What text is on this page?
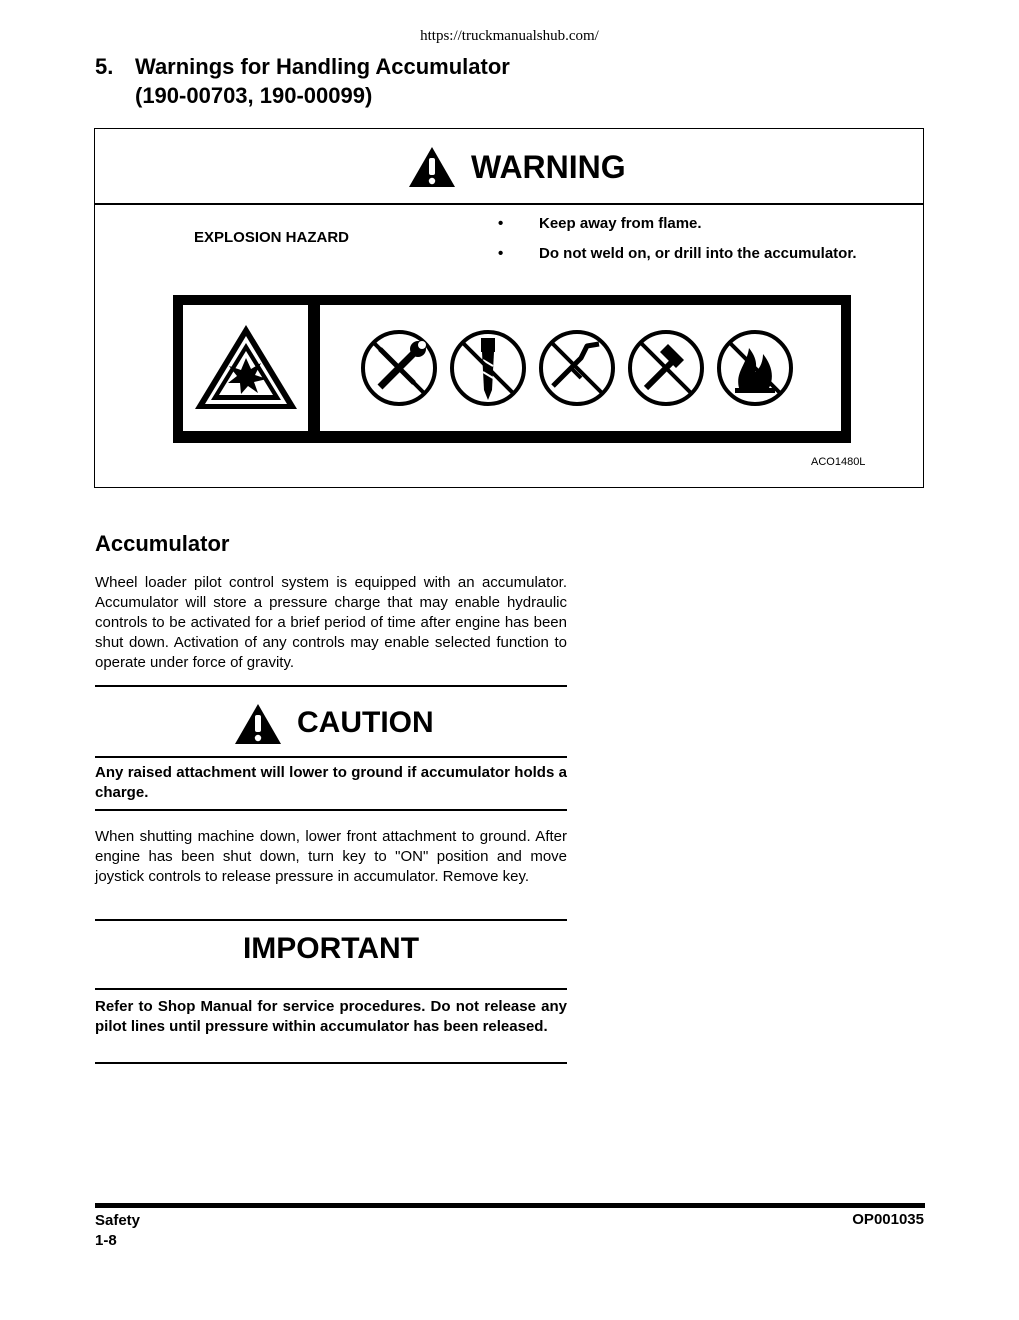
https://truckmanualshub.com/
5. Warnings for Handling Accumulator
(190-00703, 190-00099)
WARNING
EXPLOSION HAZARD
• Keep away from flame.
• Do not weld on, or drill into the accumulator.
ACO1480L
Accumulator
Wheel loader pilot control system is equipped with an accumulator. Accumulator will store a pressure charge that may enable hydraulic controls to be activated for a brief period of time after engine has been shut down. Activation of any controls may enable selected function to operate under force of gravity.
CAUTION
Any raised attachment will lower to ground if accumulator holds a charge.
When shutting machine down, lower front attachment to ground. After engine has been shut down, turn key to "ON" position and move joystick controls to release pressure in accumulator. Remove key.
IMPORTANT
Refer to Shop Manual for service procedures. Do not release any pilot lines until pressure within accumulator has been released.
Safety
1-8
OP001035
